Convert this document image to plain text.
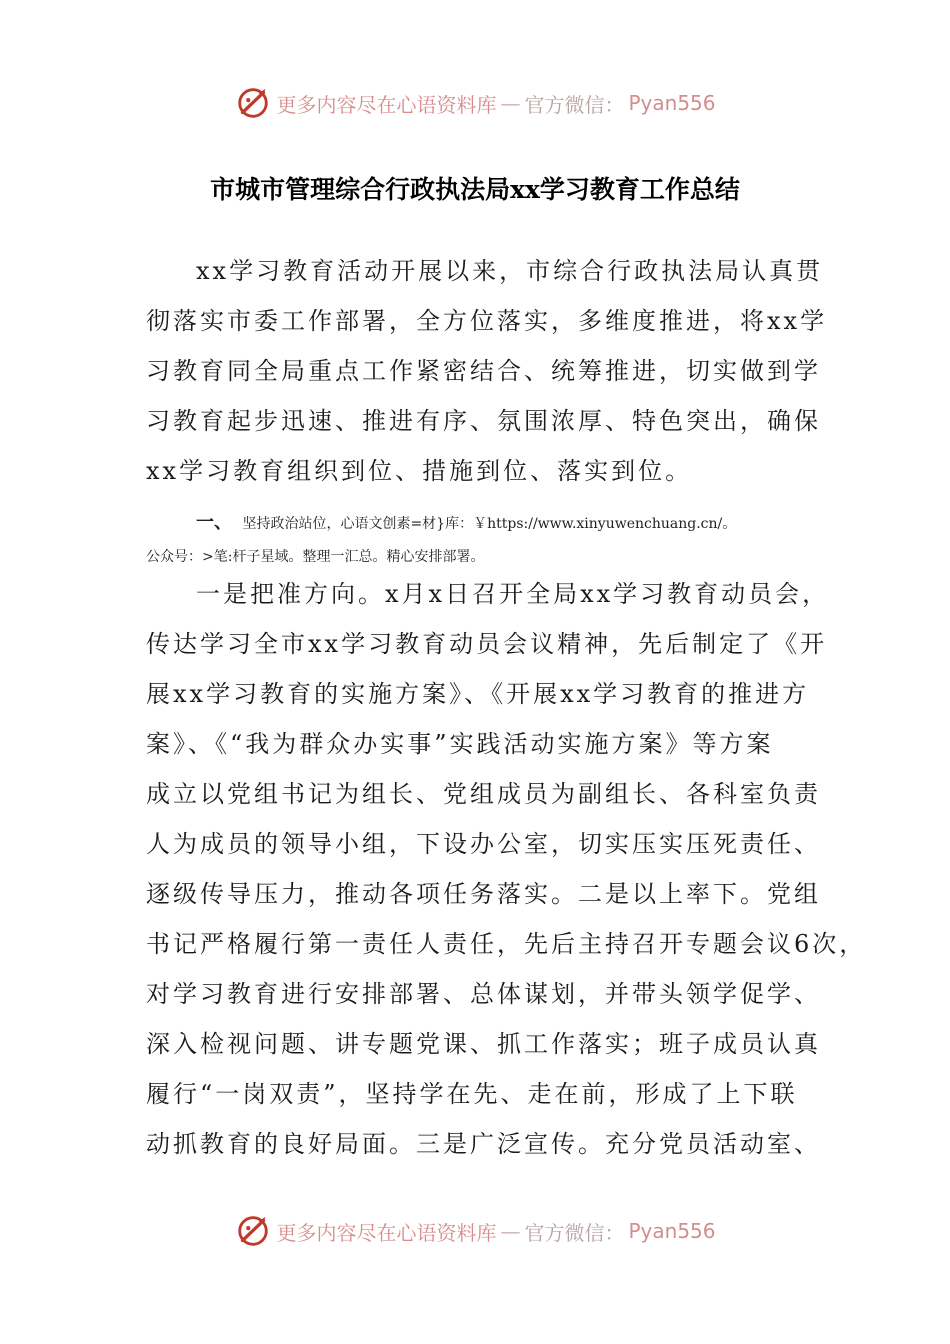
更多内容尽在心语资料库 — 官方微信： Pyan556
市城市管理综合行政执法局xx学习教育工作总结
xx学习教育活动开展以来，市综合行政执法局认真贯
彻落实市委工作部署，全方位落实，多维度推进，将xx学
习教育同全局重点工作紧密结合、统筹推进，切实做到学
习教育起步迅速、推进有序、氛围浓厚、特色突出，确保
xx学习教育组织到位、措施到位、落实到位。
一、 坚持政治站位，心语文创素=材}库：￥https://www.xinyuwenchuang.cn/。
公众号：>笔:杆子星域。整理一汇总。精心安排部署。
一是把准方向。x月x日召开全局xx学习教育动员会，
传达学习全市xx学习教育动员会议精神，先后制定了《开
展xx学习教育的实施方案》、《开展xx学习教育的推进方
案》、《“我为群众办实事”实践活动实施方案》等方案
成立以党组书记为组长、党组成员为副组长、各科室负责
人为成员的领导小组，下设办公室，切实压实压死责任、
逐级传导压力，推动各项任务落实。二是以上率下。党组
书记严格履行第一责任人责任，先后主持召开专题会议6次，
对学习教育进行安排部署、总体谋划，并带头领学促学、
深入检视问题、讲专题党课、抓工作落实；班子成员认真
履行“一岗双责”，坚持学在先、走在前，形成了上下联
动抓教育的良好局面。三是广泛宣传。充分党员活动室、
更多内容尽在心语资料库 — 官方微信： Pyan556
